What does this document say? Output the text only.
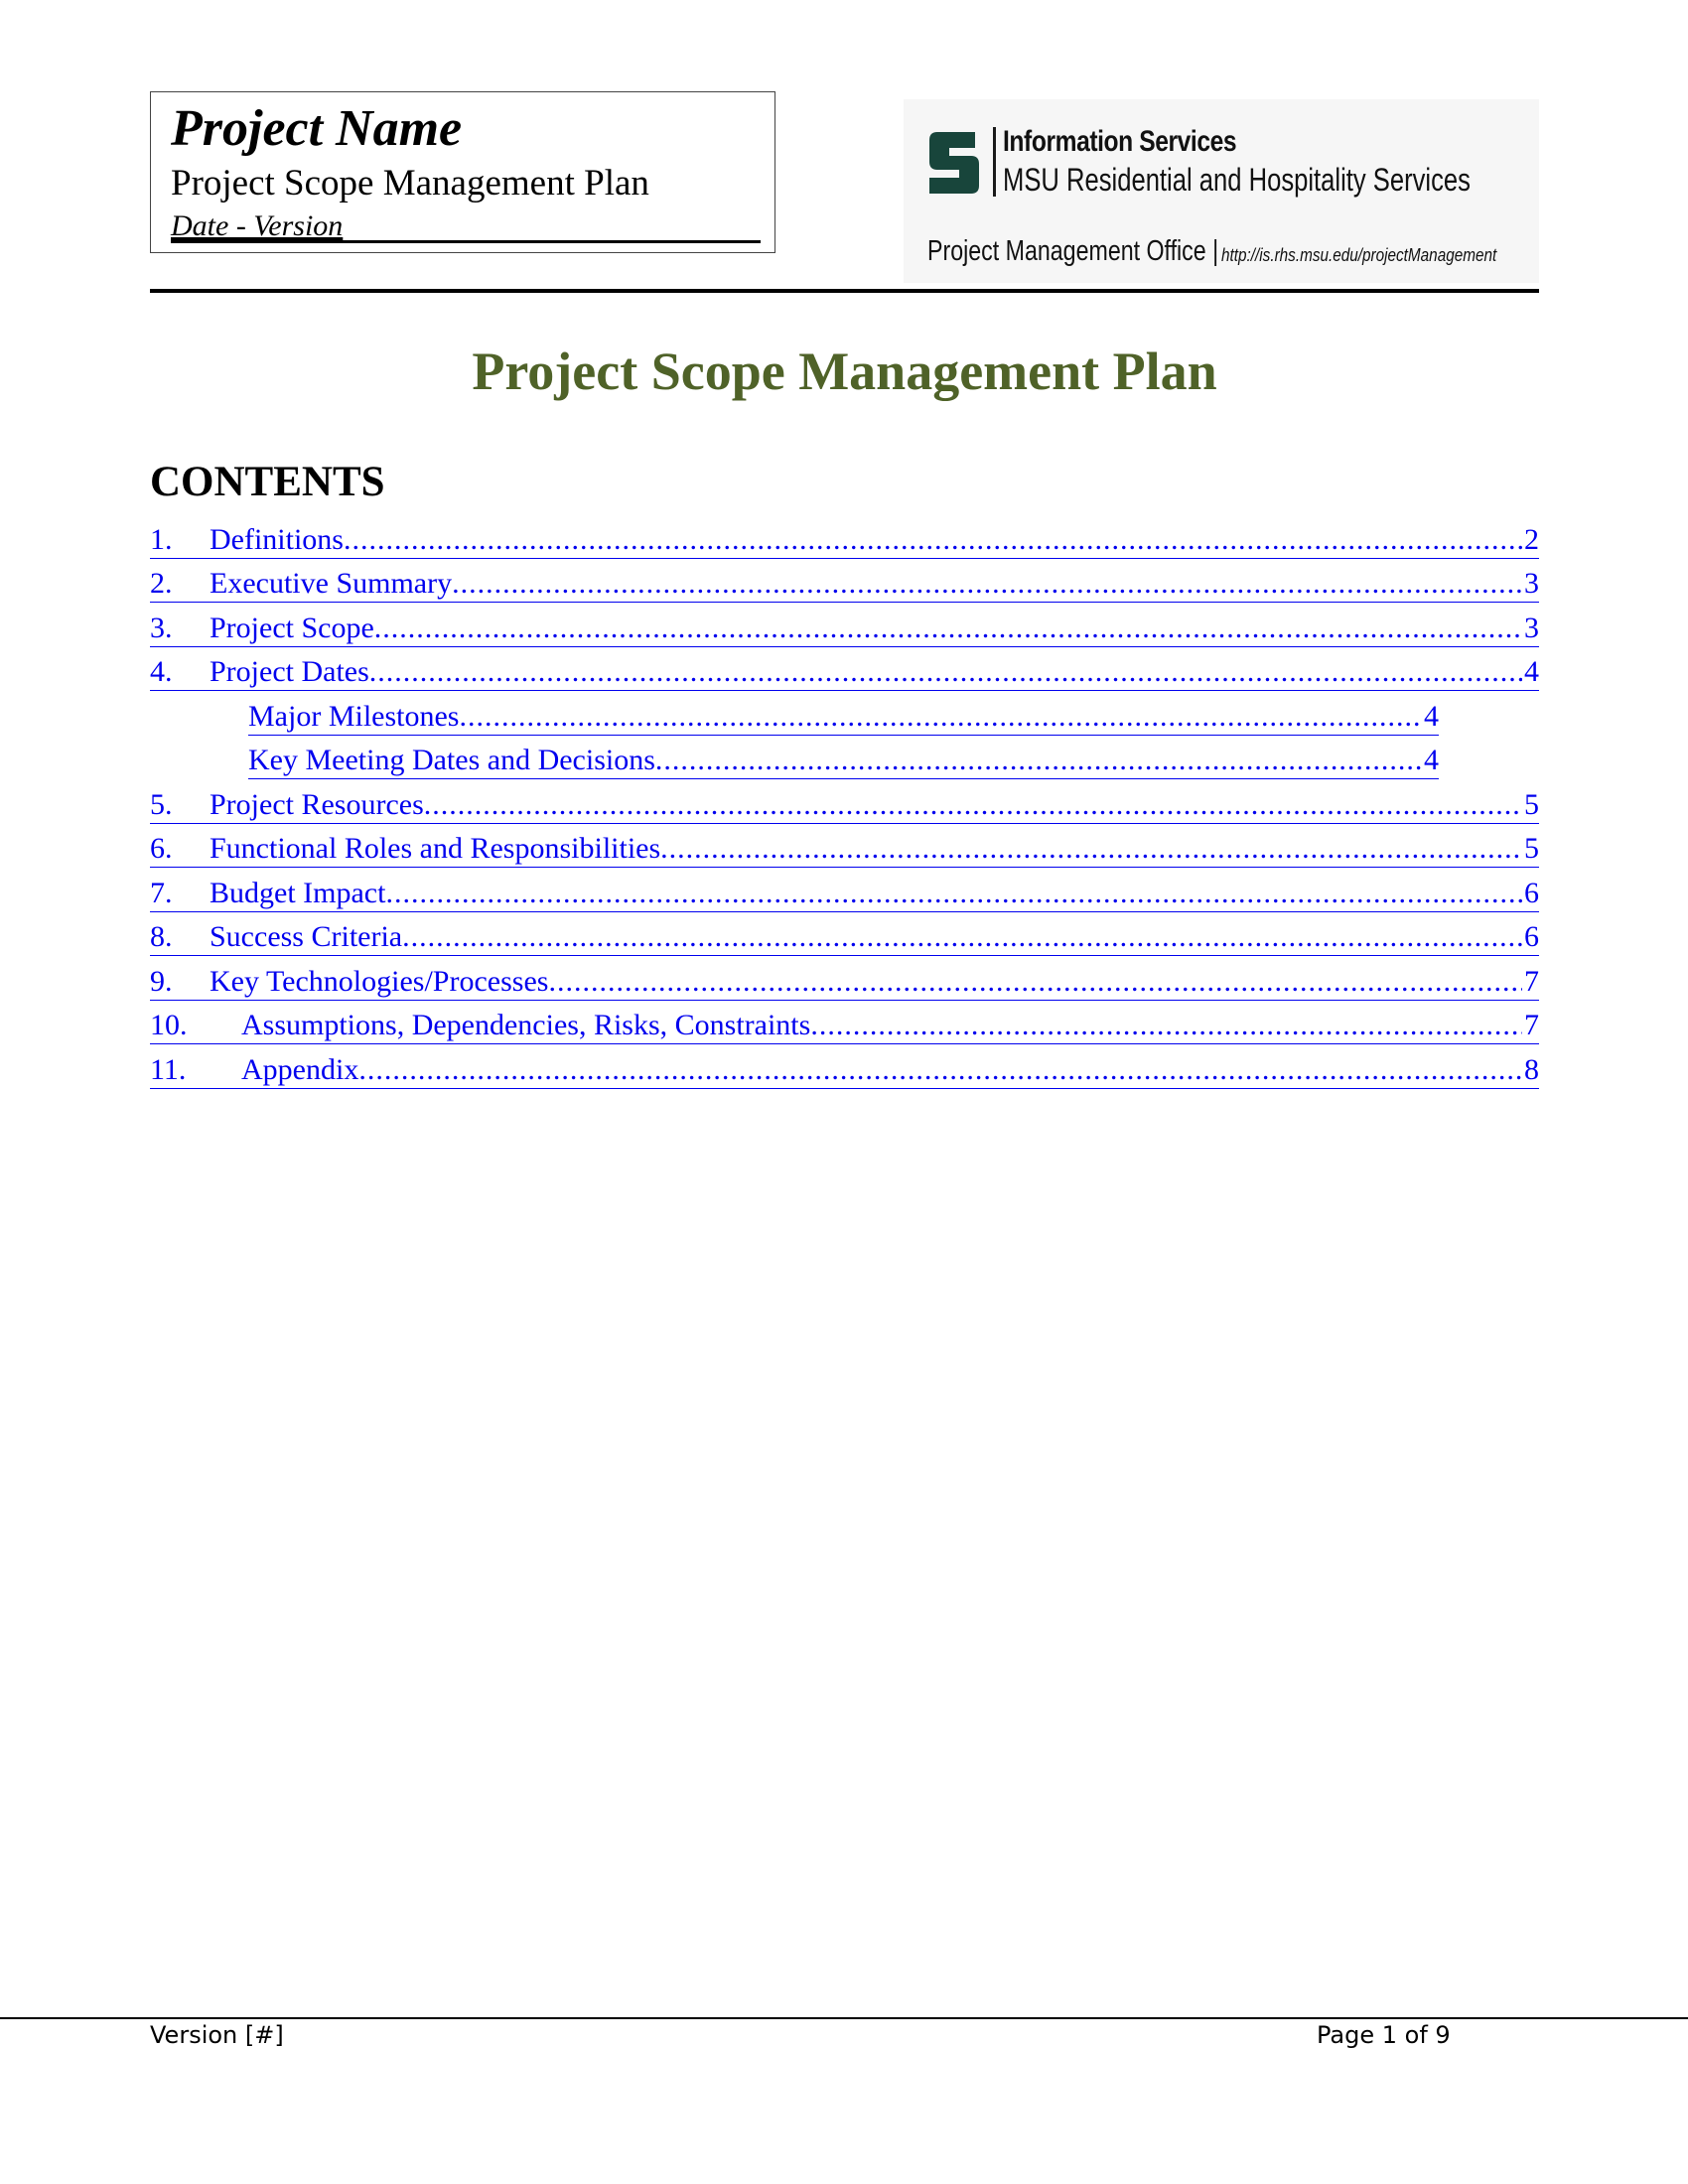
Project Name
Project Scope Management Plan
Date - Version
Information Services
MSU Residential and Hospitality Services
Project Management Office | http://is.rhs.msu.edu/projectManagement
Project Scope Management Plan
CONTENTS
1.	Definitions .....	2
2.	Executive Summary .....	3
3.	Project Scope .....	3
4.	Project Dates .....	4
Major Milestones .....	4
Key Meeting Dates and Decisions .....	4
5.	Project Resources .....	5
6.	Functional Roles and Responsibilities .....	5
7.	Budget Impact .....	6
8.	Success Criteria .....	6
9.	Key Technologies/Processes .....	7
10.	Assumptions, Dependencies, Risks, Constraints .....	7
11.	Appendix .....	8
Version [#]	Page 1 of 9
